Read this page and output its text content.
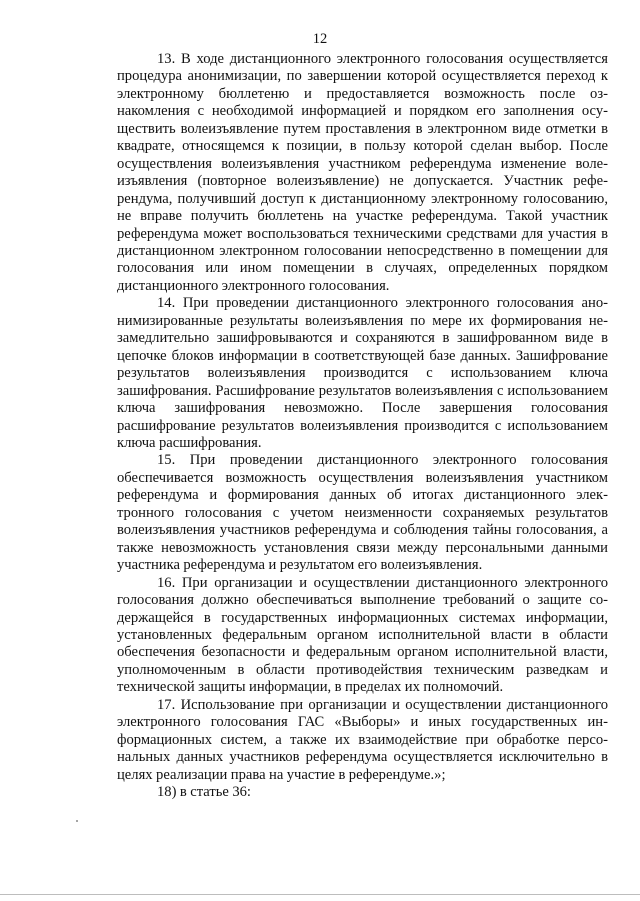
12

13. В ходе дистанционного электронного голосования осуществляется процедура анонимизации, по завершении которой осуществляется переход к электронному бюллетеню и предоставляется возможность после ознакомления с необходимой информацией и порядком его заполнения осуществить волеизъявление путем проставления в электронном виде отметки в квадрате, относящемся к позиции, в пользу которой сделан выбор. После осуществления волеизъявления участником референдума изменение волеизъявления (повторное волеизъявление) не допускается. Участник референдума, получивший доступ к дистанционному электронному голосованию, не вправе получить бюллетень на участке референдума. Такой участник референдума может воспользоваться техническими средствами для участия в дистанционном электронном голосовании непосредственно в помещении для голосования или ином помещении в случаях, определенных порядком дистанционного электронного голосования.

14. При проведении дистанционного электронного голосования анонимизированные результаты волеизъявления по мере их формирования незамедлительно зашифровываются и сохраняются в зашифрованном виде в цепочке блоков информации в соответствующей базе данных. Зашифрование результатов волеизъявления производится с использованием ключа зашифрования. Расшифрование результатов волеизъявления с использованием ключа зашифрования невозможно. После завершения голосования расшифрование результатов волеизъявления производится с использованием ключа расшифрования.

15. При проведении дистанционного электронного голосования обеспечивается возможность осуществления волеизъявления участником референдума и формирования данных об итогах дистанционного электронного голосования с учетом неизменности сохраняемых результатов волеизъявления участников референдума и соблюдения тайны голосования, а также невозможность установления связи между персональными данными участника референдума и результатом его волеизъявления.

16. При организации и осуществлении дистанционного электронного голосования должно обеспечиваться выполнение требований о защите содержащейся в государственных информационных системах информации, установленных федеральным органом исполнительной власти в области обеспечения безопасности и федеральным органом исполнительной власти, уполномоченным в области противодействия техническим разведкам и технической защиты информации, в пределах их полномочий.

17. Использование при организации и осуществлении дистанционного электронного голосования ГАС «Выборы» и иных государственных информационных систем, а также их взаимодействие при обработке персональных данных участников референдума осуществляется исключительно в целях реализации права на участие в референдуме.»;

18) в статье 36:
